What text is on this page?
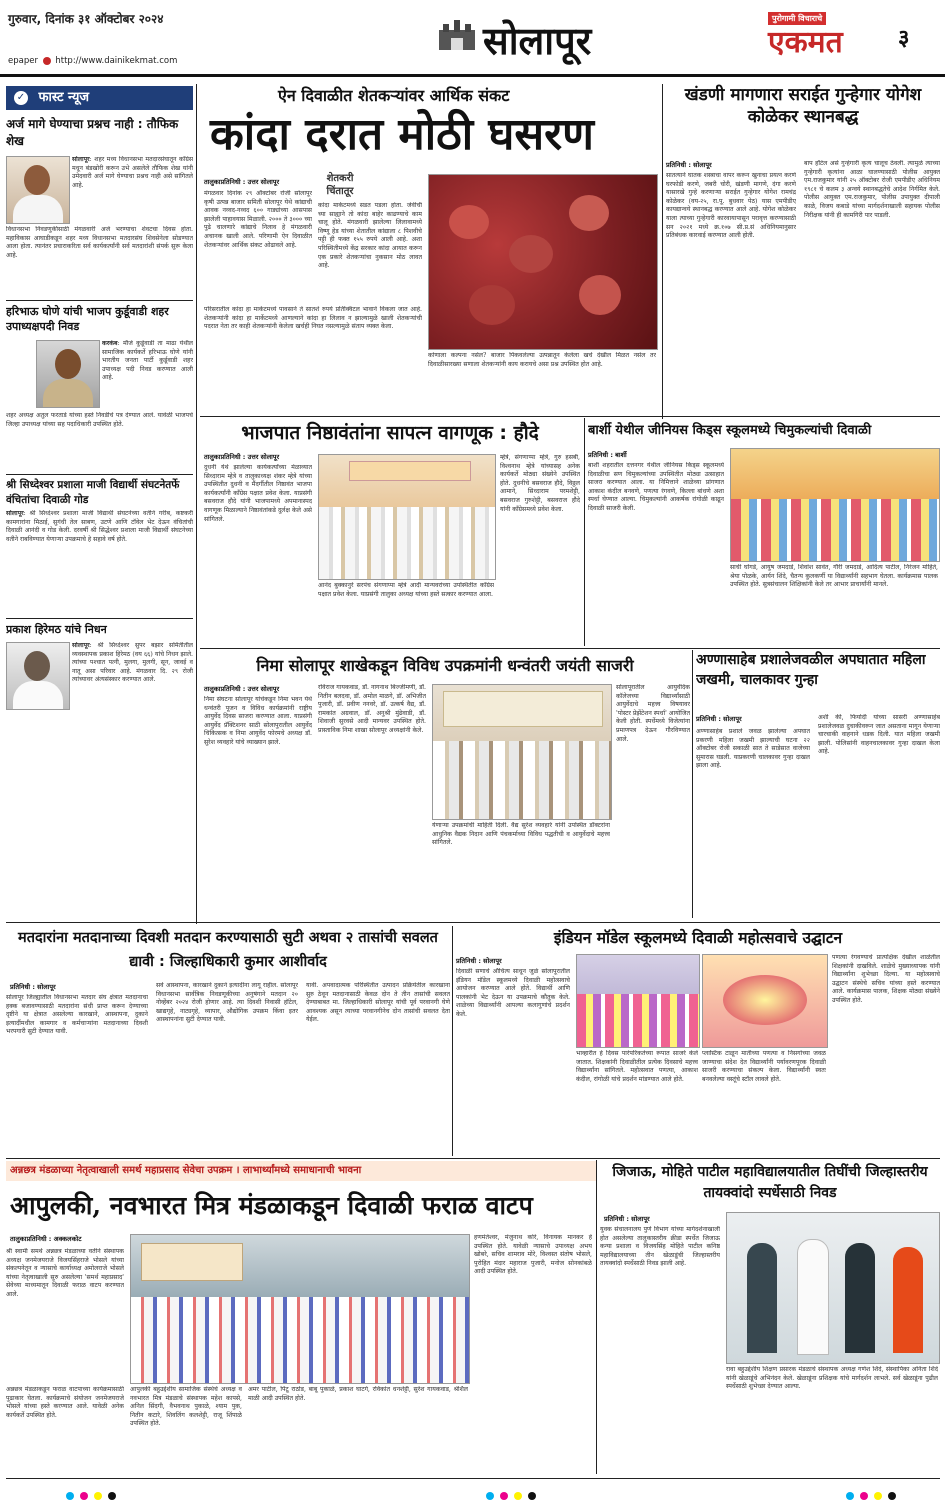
गुरुवार, दिनांक ३१ ऑक्टोबर २०२४
epaper http://www.dainikekmat.com	सोलापूर	पुरोगामी विचाराचे
एकमत	३
✓ फास्ट न्यूज
अर्ज मागे घेण्याचा प्रश्नच नाही : तौफिक शेख
सोलापूर: शहर मध्य विधानसभा मतदारसंघातून काँग्रेस मधून बंडखोरी करून उभे असलेले तौफिक शेख यांनी उमेदवारी अर्ज मागे घेण्याचा प्रश्नच नाही असे सांगितले आहे.
विधानसभा निवडणुकीसाठी मंगळवारी अर्ज भरण्याचा शेवटचा दिवस होता. महाविकास आघाडीकडून शहर मध्य विधानसभा मतदारसंघ शिवसेनेला सोडण्यात आला होता. त्यानंतर प्रचाराकरिता सर्व कार्यकर्त्यांनी सर्व मतदारांशी संपर्क सुरू केला आहे.
हरिभाऊ घोणे यांची भाजप कुर्डूवाडी शहर उपाध्यक्षपदी निवड
करकंब: मौजे कुर्डूवाडी ता माढा येथील सामाजिक कार्यकर्ते हरिभाऊ घोणे यांनी भारतीय जनता पार्टी कुर्डूवाडी शहर उपाध्यक्ष पदी निवड करण्यात आली आहे.
शहर अध्यक्ष अतुल फरताडे यांच्या हस्ते निवडीचे पत्र देण्यात आले. यावेळी भाजपचे जिल्हा उपाध्यक्ष यांच्या सह पदाधिकारी उपस्थित होते.
श्री सिध्देश्वर प्रशाला माजी विद्यार्थी संघटनेतर्फे वंचितांचा दिवाळी गोड
सोलापूर: श्री सिध्देश्वर प्रशाला माजी विद्यार्थी संघटनेच्या वतीने गरीब, कष्टकरी कामगारांना मिठाई, सुगंधी तेल साबण, उटणे आणि टॉवेल भेट देऊन वंचितांची दिवाळी आनंदी व गोड केली. दरवर्षी श्री सिद्धेश्वर प्रशाला माजी विद्यार्थी संघटनेच्या वतीने राबविण्यात येणाऱ्या उपक्रमाचे हे सहावे वर्ष होते.
प्रकाश हिरेमठ यांचे निधन
सोलापूर: श्री सिध्देश्वर सुपर बझार समितीतील व्यवस्थापक प्रकाश हिरेमठ (वय ६६) यांचे निधन झाले. त्यांच्या पश्चात पत्नी, मुलगा, मुलगी, सून, जावई व नातू असा परिवार आहे. मंगळवार दि. २९ रोजी त्यांच्यावर अंत्यसंस्कार करण्यात आले.
ऐन दिवाळीत शेतकऱ्यांवर आर्थिक संकट
कांदा दरात मोठी घसरण
तालुकाप्रतिनिधी : उत्तर सोलापूर	शेतकरी चिंतातूर
मंगळवार दिनांक २९ ऑक्टोबर रोजी सोलापूर कृषी उत्पन्न बाजार समिती सोलापूर येथे कांद्याची आवक नव्वद-नव्वद ६०० गाड्यांच्या आसपास झालेली पाहावयास मिळाली. २००० ते ३००० च्या पुढे चालणारे कांद्याचे निलाव हे मंगळवारी अचानक खाली आले. परिणामी ऐन दिवाळीत शेतकऱ्यांवर आर्थिक संकट ओढावले आहे.
कांदा मार्केटमध्ये सडत पडला होता. जेवीची च्या साह्याने तो कांदा बाहेर काढण्याचे काम चालू होते. मंगळवारी झालेल्या लिलावामध्ये विष्णू हेड यांच्या शेतातील कांद्याला ८ पिशवीचे पट्टी ही फक्त १५५ रुपये आली आहे. अशा परिस्थितीमध्ये केंद्र सरकार कांदा आयात करून एक प्रकारे शेतकऱ्यांचा नुकसान मोठ लावत आहे.
परिसरातील कांदा हा मार्केटमध्ये पावसाने ते सातशे रुपये प्रतिक्विंटल भावाने विकला जात आहे. शेतकऱ्यांनी कांदा हा मार्केटमध्ये आणल्याने कांदा हा लिलाव न झाल्यामुळे खाली शेतकऱ्यांची पदरात नेता तर काही शेतकऱ्यांनी केलेला खर्चही निघत नसल्यामुळे संताप व्यक्त केला.
कोणाला कल्पना नसेल? बाजार पिकवलेल्या उत्पन्नातून केलेला खर्च देखील मिळत नसेल तर दिवाळीसारख्या सणाला शेतकऱ्यांनी काय करायचे असा प्रश्न उपस्थित होत आहे.
खंडणी मागणारा सराईत गुन्हेगार योगेश कोळेकर स्थानबद्ध
प्रतिनिधी : सोलापूर
सातत्याने घातक शस्त्राचा वापर करून खुनाचा प्रयत्न करणे घरफोडी करणे, जबरी चोरी, खंडणी मागणे, दंगा करणे यासारखे गुन्हे करणाऱ्या सराईत गुन्हेगार योगेश रामचंद्र कोळेकर (वय-२५, रा.पू. बुधवार पेठ) यास एमपीडीए कायद्यान्वये स्थानबद्ध करण्यात आले आहे. योगेश कोळेकर याला त्याच्या गुन्हेगारी कारवायापासून परावृत्त करण्यासाठी सन २०२१ मध्ये क्र.१०७ सी.प्र.सं अधिनियमानुसार प्रतिबंधक कारवाई करण्यात आली होती.
बाप हॉटेल असे गुन्हेगारी कृत्य चालूच ठेवली. त्यामुळे त्याच्या गुन्हेगारी कृत्यांना आळा घालण्यासाठी पोलीस आयुक्त एम.राजकुमार यांनी २५ ऑक्टोबर रोजी एमपीडीए अधिनियम १९८१ चे कलम ३ अन्वये स्थानबद्धतेचे आदेश निर्गमित केले. पोलीस आयुक्त एम.राजकुमार, पोलीस उपायुक्त दीपाली काळे, विजय कबाडे यांच्या मार्गदर्शनाखाली सहायक पोलीस निरीक्षक यांनी ही कामगिरी पार पाडली.
भाजपात निष्ठावंतांना सापत्न वागणूक : हौदे
तालुकाप्रतिनिधी : उत्तर सोलापूर
दुधनी येथे झालेल्या कार्यकर्त्यांच्या मेळाव्यात सिध्दाराम म्हेत्रे व तालुकाध्यक्ष शंकर म्हेत्रे यांच्या उपस्थितीत दुधनी व मैंदर्गीतील निष्ठावंत भाजपा कार्यकर्त्यांनी काँग्रेस पक्षात प्रवेश केला. याप्रसंगी बसवराज हौदे यांनी भाजपामध्ये अपमानास्पद वागणूक मिळाल्याने निष्ठावंतांकडे दुर्लक्ष केले असे सांगितले.
म्हेत्रे, संगणाप्पा म्हेत्रे, गुरु हसबी, विश्वनाथ म्हेत्रे यांच्यासह अनेक कार्यकर्ते मोठ्या संख्येने उपस्थित होते. दुधनीचे बसवराज हौदे, विठ्ठल आमाने, सिध्दाराम परमशेट्टी, बसवराज गुरुशेट्टी, बसवराज हौदे यांनी काँग्रेसमध्ये प्रवेश केला.
आनंद बुक्कानुरे सरपंच संगणाप्पा म्हेत्रे आदी मान्यवरांच्या उपस्थितीत काँग्रेस पक्षात प्रवेश केला. याप्रसंगी तालुका अध्यक्ष यांच्या हस्ते सत्कार करण्यात आला.
बार्शी येथील जीनियस किड्स स्कूलमध्ये चिमुकल्यांची दिवाळी
प्रतिनिधी : बार्शी
बार्शी शहरातील दत्तनगर येथील जीनियस किड्स स्कूलमध्ये दिवाळीचा सण चिमुकल्यांच्या उपस्थितीत मोठ्या उत्साहात साजरा करण्यात आला. या निमित्ताने शाळेच्या प्रांगणात आकाश कंदील बनवणे, पणत्या रंगवणे, किल्ला बांधणे अशा स्पर्धा घेण्यात आल्या. चिमुकल्यांनी आकर्षक रांगोळी काढून दिवाळी साजरी केली.
साची घोंगडे, आयुष जमदाडे, शिवांश सावंत, गौरी जमदाडे, आदित्य पाटील, निरंजन मोहिते, श्रेया पोळके, आर्यन शिंदे, चैतन्य कुलकर्णी या विद्यार्थ्यांनी सहभाग घेतला. कार्यक्रमास पालक उपस्थित होते. सुत्रसंचालन शिक्षिकांनी केले तर आभार प्राचार्यांनी मानले.
निमा सोलापूर शाखेकडून विविध उपक्रमांनी धन्वंतरी जयंती साजरी
तालुकाप्रतिनिधी : उत्तर सोलापूर
निमा संघटना सोलापूर यांचेकडून निमा भवन येथे धन्वंतरी पूजन व विविध कार्यक्रमांनी राष्ट्रीय आयुर्वेद दिवस साजरा करण्यात आला. याप्रसंगी आयुर्वेद प्रॅक्टिशनर साठी सोलापुरातील आयुर्वेद चिकित्सक व निमा आयुर्वेद फोरमचे अध्यक्ष डॉ. सुरेश व्यवहारे यांचे व्याख्यान झाले.
रविराज गायकवाड, डॉ. नागनाथ बिज्जीमणी, डॉ. नितीन बलदवा, डॉ. अमोल माळगे, डॉ. अभिजीत पुजारी, डॉ. प्रवीण ननवरे, डॉ. उत्कर्ष वैद्य, डॉ. रामकांत अग्रवाल, डॉ. अनुश्री मुंढेवाडी, डॉ. शिवाजी सुरवसे आदी मान्यवर उपस्थित होते. प्रास्ताविक निमा शाखा सोलापूर अध्यक्षांनी केले.
सोलापूरातील आयुर्वेदिक कॉलेजच्या विद्यार्थ्यांसाठी आयुर्वेदाचे महत्त्व विषयावर 'पोस्टर प्रेझेंटेशन स्पर्धा' आयोजित केली होती. स्पर्धेमध्ये विजेत्यांना प्रमाणपत्र देऊन गौरविण्यात आले.
येणाऱ्या उपक्रमांची माहिती दिली. वैद्य सुरेश व्यवहारे यांनी उपस्थित डॉक्टरांना आधुनिक वैद्यक निदान आणि पंचकर्माच्या विविध पद्धतीची व आयुर्वेदाचे महत्त्व सांगितले.
अण्णासाहेब प्रशालेजवळील अपघातात महिला जखमी, चालकावर गुन्हा
प्रतिनिधी : सोलापूर
अण्णासाहेब प्रशाले जवळ झालेल्या अपघात प्रकरणी महिला जखमी झाल्याची घटना २२ ऑक्टोबर रोजी सकाळी सात ते साडेसात वाजेच्या सुमारास घडली. याप्रकरणी चालकावर गुन्हा दाखल झाला आहे.
अशी की, फिर्यादी यांच्या सासरी अण्णासाहेब प्रशालेजवळ दुचाकीवरून जात असताना मागून येणाऱ्या चारचाकी वाहनाने धडक दिली. यात महिला जखमी झाली. पोलिसांनी वाहनचालकावर गुन्हा दाखल केला आहे.
मतदारांना मतदानाच्या दिवशी मतदान करण्यासाठी सुटी अथवा २ तासांची सवलत द्यावी : जिल्हाधिकारी कुमार आशीर्वाद
प्रतिनिधी : सोलापूर
सोलापूर जिल्ह्यातील विधानसभा मतदार संघ क्षेत्रात मतदानाचा हक्क बजावण्यासाठी मतदारांना संधी प्राप्त करून देण्याच्या दृष्टीने या क्षेत्रात असलेल्या कारखाने, आस्थापना, दुकाने इत्यादींमधील कामगार व कर्मचाऱ्यांना मतदानाच्या दिवशी भरपगारी सुटी देण्यात यावी.
सर्व आस्थापना, कारखाने दुकाने इत्यादींना लागू राहील. सोलापूर विधानसभा सार्वत्रिक निवडणूकीच्या अनुषंगाने मतदान २० नोव्हेंबर २०२४ रोजी होणार आहे. त्या दिवशी निवासी हॉटेल, खाद्यगृहे, नाट्यगृहे, व्यापार, औद्योगिक उपक्रम किंवा इतर आस्थापनांना सुटी देण्यात यावी.
यावी. अपवादात्मक परिस्थितीत उत्पादन प्रक्रियेतील कारखाना सुरु ठेवून मतदानासाठी केवळ दोन ते तीन तासांची सवलत देण्याबाबत मा. जिल्हाधिकारी सोलापूर यांची पूर्व परवानगी घेणे आवश्यक असून त्याच्या परवानगीनेच दोन तासांची सवलत देता येईल.
इंडियन मॉडेल स्कूलमध्ये दिवाळी महोत्सवाचे उद्घाटन
प्रतिनिधी : सोलापूर
दिवाळी सणाचे औचित्य साधून जुळे सोलापूरातील इंडियन मॉडेल स्कूलमध्ये दिवाळी महोत्सवाचे आयोजन करण्यात आले होते. विद्यार्थी आणि पालकांनी भेट देऊन या उपक्रमाचे कौतुक केले. शाळेच्या विद्यार्थ्यांनी आपल्या कलागुणांचे प्रदर्शन केले.
भाव्हारीत हे दिवस पारंपरिकतेच्या रूपात साजरे केले जातात. शिक्षकांनी दिवाळीतील प्रत्येक दिवसाचे महत्त्व विद्यार्थ्यांना सांगितले. महोत्सवात पणत्या, आकाश कंदील, रांगोळी यांचे प्रदर्शन मांडण्यात आले होते.
प्लास्टिक टाळून मातीच्या पणत्या व निसर्गाच्या जवळ जाण्याचा संदेश देत विद्यार्थ्यांनी पर्यावरणपूरक दिवाळी साजरी करण्याचा संकल्प केला. विद्यार्थ्यांनी स्वतः बनवलेल्या वस्तूंचे स्टॉल लावले होते.
पणत्या रंगवण्याचे प्रात्यक्षिक देखील शाळेतील शिक्षकांनी दाखविले. शाळेचे मुख्याध्यापक यांनी विद्यार्थ्यांना शुभेच्छा दिल्या. या महोत्सवाचे उद्घाटन संस्थेचे सचिव यांच्या हस्ते करण्यात आले. कार्यक्रमास पालक, शिक्षक मोठ्या संख्येने उपस्थित होते.
अन्नछत्र मंडळाच्या नेतृत्वाखाली समर्थ महाप्रसाद सेवेचा उपक्रम । लाभार्थ्यांमध्ये समाधानाची भावना
आपुलकी, नवभारत मित्र मंडळाकडून दिवाळी फराळ वाटप
तालुकाप्रतिनिधी : अक्कलकोट
श्री स्वामी समर्थ अन्नछत्र मंडळाच्या वतीने संस्थापक अध्यक्ष जनमेजयराजे विजयसिंहराजे भोसले यांच्या संकल्पनेतून व न्यासाचे कार्याध्यक्ष अमोलराजे भोसले यांच्या नेतृत्वाखाली सुरु असलेल्या 'समर्थ महाप्रसाद' सेवेच्या माध्यमातून दिवाळी फराळ वाटप करण्यात आले.
अन्नछत्र मंडळाकडून फराळ वाटपाच्या कार्यक्रमासाठी पुढाकार घेतला. कार्यक्रमाचे संयोजन जनमेजयराजे भोसले यांच्या हस्ते करण्यात आले. यावेळी अनेक कार्यकर्ते उपस्थित होते.
आपुलकी बहुउद्देशीय सामाजिक संस्थेचे अध्यक्ष व नवभारत मित्र मंडळाचे संस्थापक महेश कापसे, अनिल सिंदगी, वैभवनाथ पुकाळे, श्याम पुक, नितीन कटारे, शिवलिंग कलशेट्टी, राजू शिंपाळे उपस्थित होते.
अमर पाटील, पिंटू राठोड, बाबू पुकाळे, प्रकाश घाटगे, रविकांत धनशेट्टी, सुरेश गायकवाड, श्रीशैल माळी आदी उपस्थित होते.
हणमंतेश्वर, मंजुनाथ कोरे, विनायक मानकर हे उपस्थित होते. यावेळी न्यासाचे उपाध्यक्ष अभय खोबरे, सचिव शामराव मोरे, विश्वस्त संतोष भोसले, पुरोहित मंदार महाराज पुजारी, मनोज सोनकांबळे आदी उपस्थित होते.
जिजाऊ, मोहिते पाटील महाविद्यालयातील तिघींची जिल्हास्तरीय तायक्वांदो स्पर्धेसाठी निवड
प्रतिनिधी : सोलापूर
युवक संचालनालय पुणे विभाग यांच्या मार्गदर्शनाखाली होत असलेल्या तालुकास्तरीय क्रीडा स्पर्धेत जिजाऊ कन्या प्रशाला व विजयसिंह मोहिते पाटील कनिष्ठ महाविद्यालयाच्या तीन खेळाडूंची जिल्हास्तरीय तायक्वांदो स्पर्धेसाठी निवड झाली आहे.
रावा बहुउद्देशीय शिक्षण प्रसारक मंडळाचे संस्थापक अध्यक्ष गणेश शिंदे, संस्थापिका अनिता शिंदे यांनी खेळाडूंचे अभिनंदन केले. खेळाडूंना प्रशिक्षक यांचे मार्गदर्शन लाभले. सर्व खेळाडूंना पुढील स्पर्धेसाठी शुभेच्छा देण्यात आल्या.
